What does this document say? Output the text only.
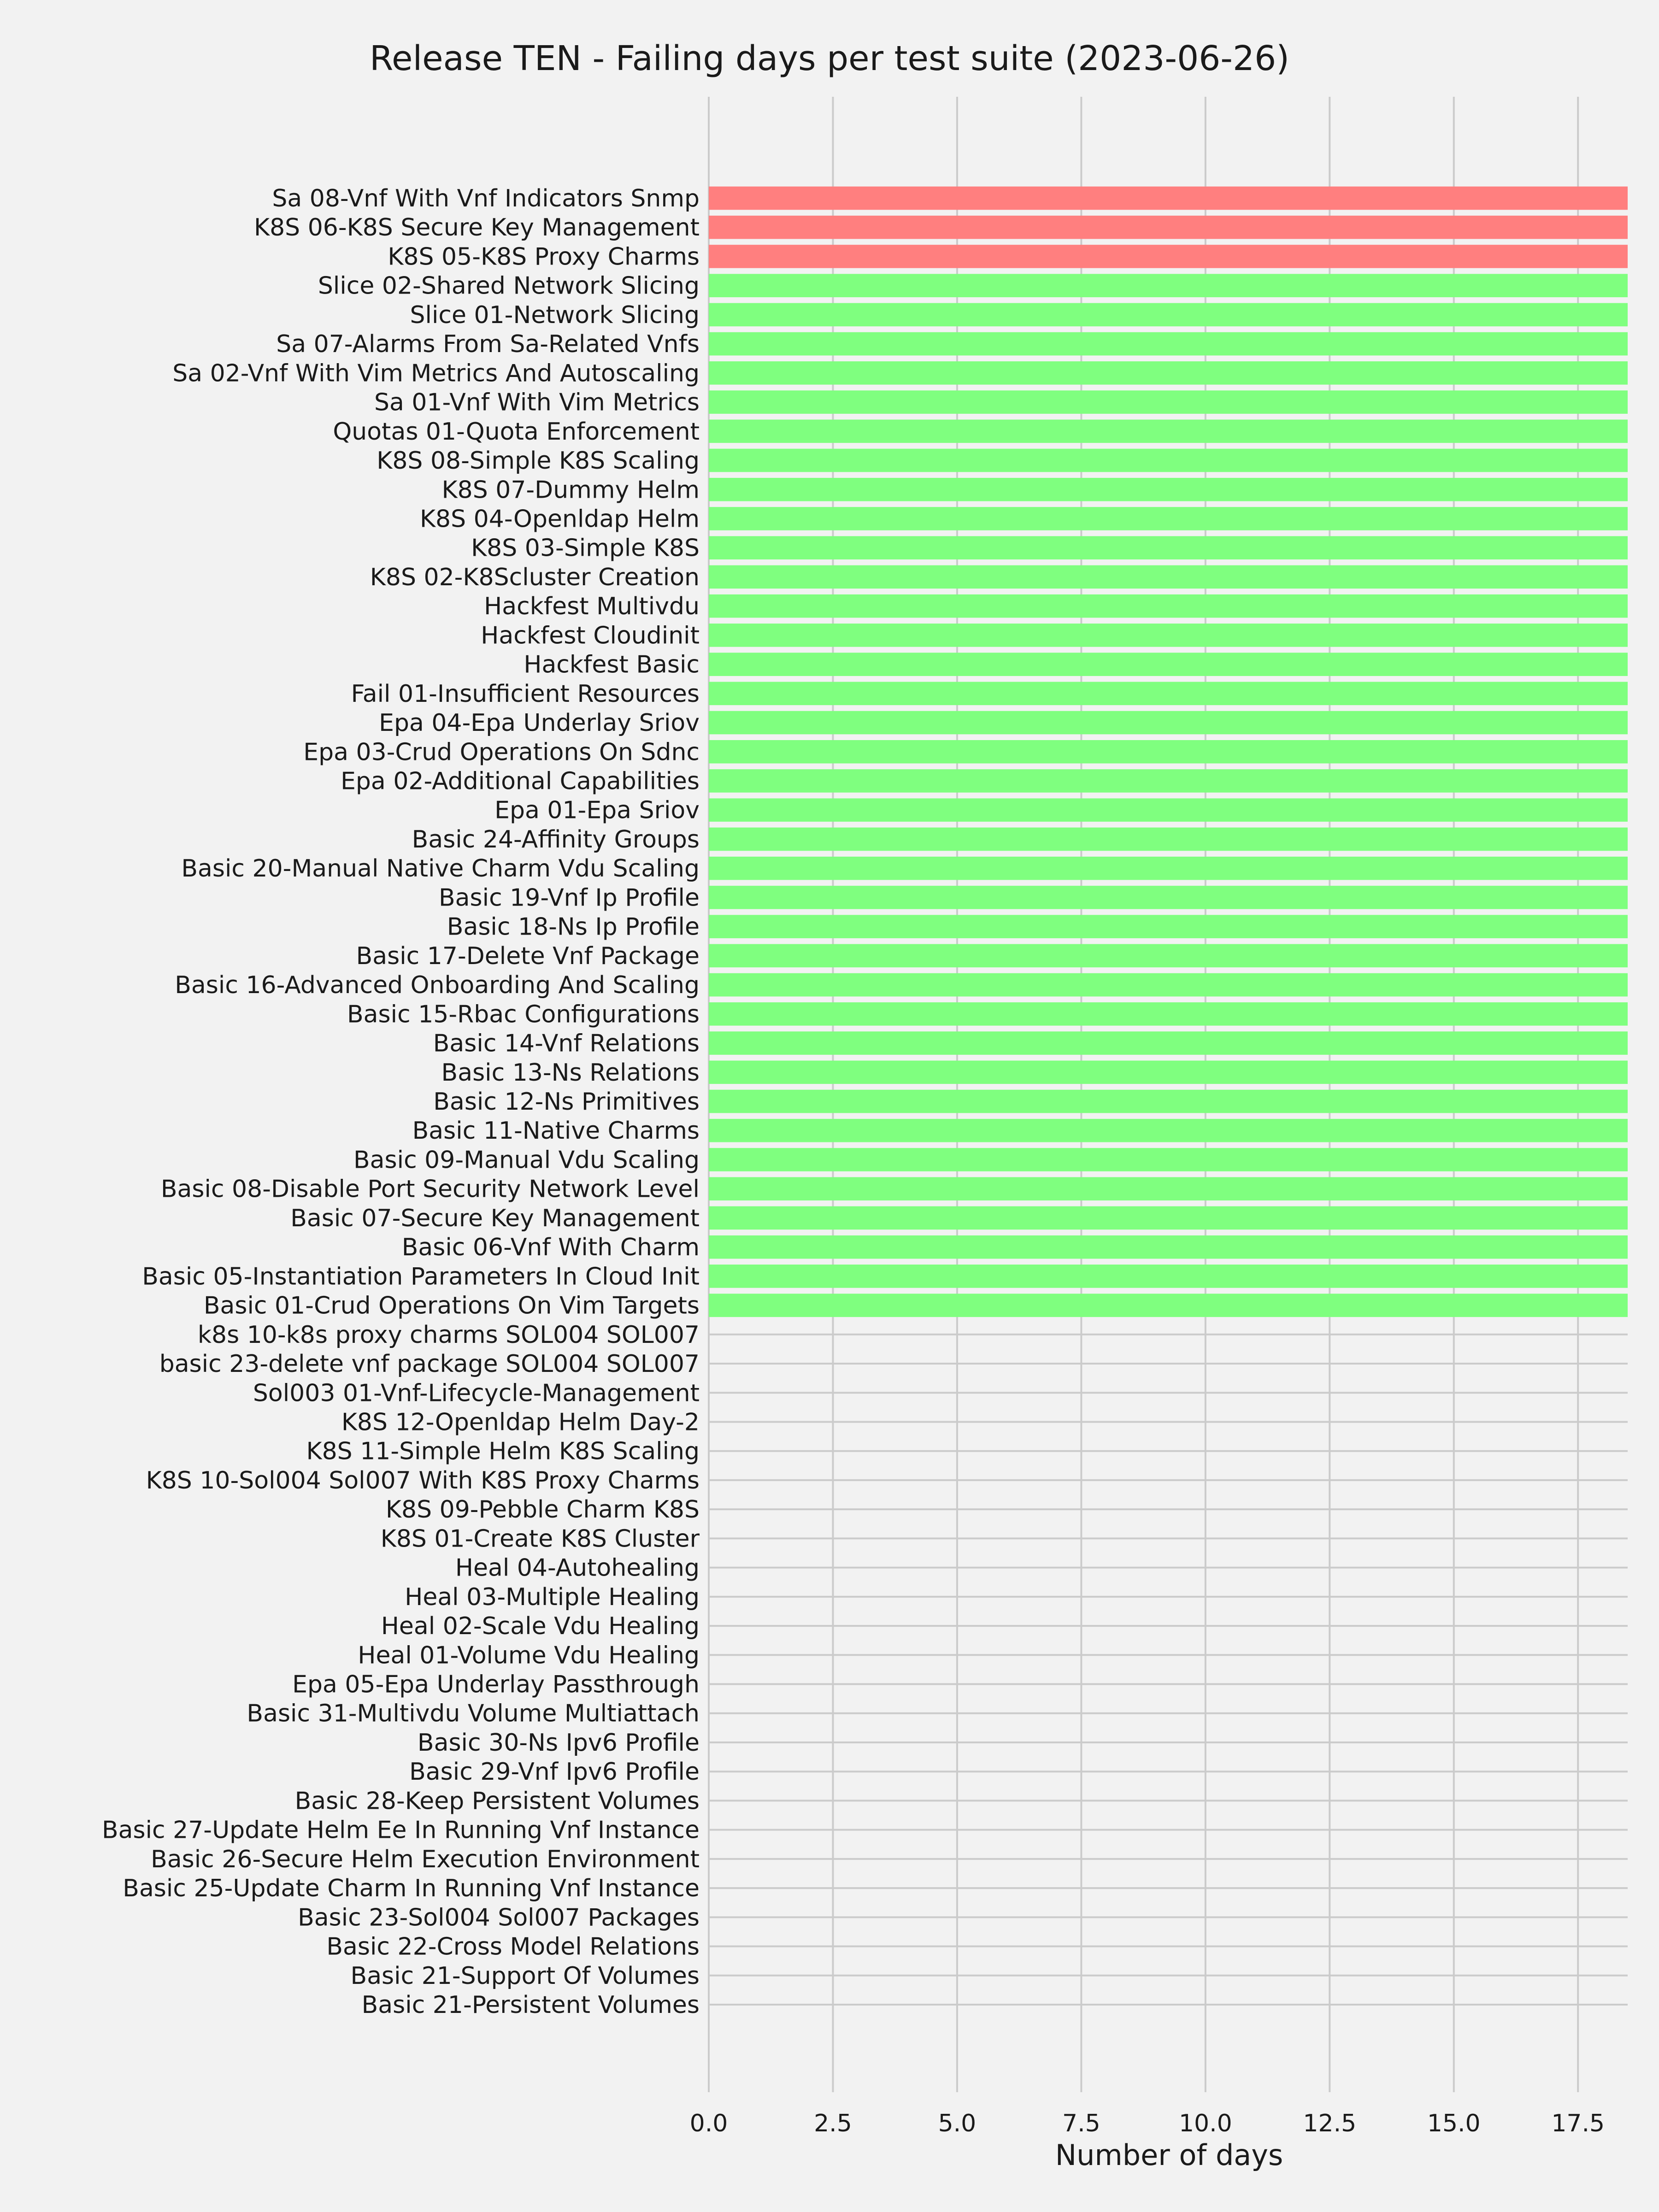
Release TEN - Failing days per test suite (2023-06-26)
Sa 08-Vnf With Vnf Indicators Snmp
K8S 06-K8S Secure Key Management
K8S 05-K8S Proxy Charms
Slice 02-Shared Network Slicing
Slice 01-Network Slicing
Sa 07-Alarms From Sa-Related Vnfs
Sa 02-Vnf With Vim Metrics And Autoscaling
Sa 01-Vnf With Vim Metrics
Quotas 01-Quota Enforcement
K8S 08-Simple K8S Scaling
K8S 07-Dummy Helm
K8S 04-Openldap Helm
K8S 03-Simple K8S
K8S 02-K8Scluster Creation
Hackfest Multivdu
Hackfest Cloudinit
Hackfest Basic
Fail 01-Insufficient Resources
Epa 04-Epa Underlay Sriov
Epa 03-Crud Operations On Sdnc
Epa 02-Additional Capabilities
Epa 01-Epa Sriov
Basic 24-Affinity Groups
Basic 20-Manual Native Charm Vdu Scaling
Basic 19-Vnf Ip Profile
Basic 18-Ns Ip Profile
Basic 17-Delete Vnf Package
Basic 16-Advanced Onboarding And Scaling
Basic 15-Rbac Configurations
Basic 14-Vnf Relations
Basic 13-Ns Relations
Basic 12-Ns Primitives
Basic 11-Native Charms
Basic 09-Manual Vdu Scaling
Basic 08-Disable Port Security Network Level
Basic 07-Secure Key Management
Basic 06-Vnf With Charm
Basic 05-Instantiation Parameters In Cloud Init
Basic 01-Crud Operations On Vim Targets
k8s 10-k8s proxy charms SOL004 SOL007
basic 23-delete vnf package SOL004 SOL007
Sol003 01-Vnf-Lifecycle-Management
K8S 12-Openldap Helm Day-2
K8S 11-Simple Helm K8S Scaling
K8S 10-Sol004 Sol007 With K8S Proxy Charms
K8S 09-Pebble Charm K8S
K8S 01-Create K8S Cluster
Heal 04-Autohealing
Heal 03-Multiple Healing
Heal 02-Scale Vdu Healing
Heal 01-Volume Vdu Healing
Epa 05-Epa Underlay Passthrough
Basic 31-Multivdu Volume Multiattach
Basic 30-Ns Ipv6 Profile
Basic 29-Vnf Ipv6 Profile
Basic 28-Keep Persistent Volumes
Basic 27-Update Helm Ee In Running Vnf Instance
Basic 26-Secure Helm Execution Environment
Basic 25-Update Charm In Running Vnf Instance
Basic 23-Sol004 Sol007 Packages
Basic 22-Cross Model Relations
Basic 21-Support Of Volumes
Basic 21-Persistent Volumes
0.0	2.5	5.0	7.5	10.0	12.5	15.0	17.5
Number of days
